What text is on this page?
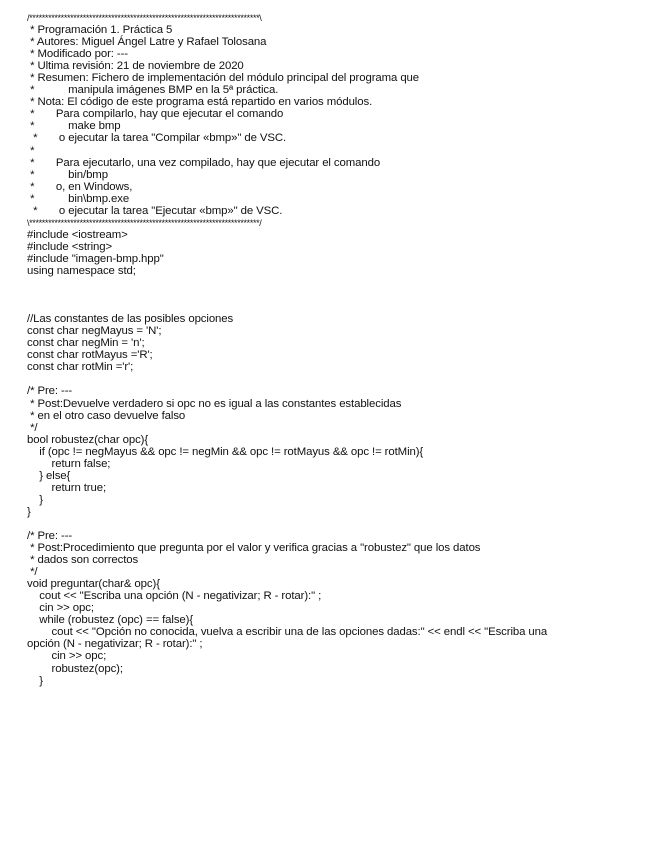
/*************************************************************************\
* Programación 1. Práctica 5
* Autores: Miguel Ángel Latre y Rafael Tolosana
* Modificado por: ---
* Ultima revisión: 21 de noviembre de 2020
* Resumen: Fichero de implementación del módulo principal del programa que
*           manipula imágenes BMP en la 5ª práctica.
* Nota: El código de este programa está repartido en varios módulos.
*       Para compilarlo, hay que ejecutar el comando
*           make bmp
*       o ejecutar la tarea "Compilar «bmp»" de VSC.
*
*       Para ejecutarlo, una vez compilado, hay que ejecutar el comando
*           bin/bmp
*       o, en Windows,
*           bin\bmp.exe
*       o ejecutar la tarea "Ejecutar «bmp»" de VSC.
\*************************************************************************/
#include <iostream>
#include <string>
#include "imagen-bmp.hpp"
using namespace std;
//Las constantes de las posibles opciones
const char negMayus = 'N';
const char negMin = 'n';
const char rotMayus ='R';
const char rotMin ='r';
/* Pre: ---
* Post:Devuelve verdadero si opc no es igual a las constantes establecidas
* en el otro caso devuelve falso
*/
bool robustez(char opc){
if (opc != negMayus && opc != negMin && opc != rotMayus && opc != rotMin){
return false;
} else{
return true;
}
}
/* Pre: ---
* Post:Procedimiento que pregunta por el valor y verifica gracias a "robustez" que los datos
* dados son correctos
*/
void preguntar(char& opc){
cout << "Escriba una opción (N - negativizar; R - rotar):" ;
cin >> opc;
while (robustez (opc) == false){
cout << "Opción no conocida, vuelva a escribir una de las opciones dadas:" << endl << "Escriba una
opción (N - negativizar; R - rotar):" ;
cin >> opc;
robustez(opc);
}
